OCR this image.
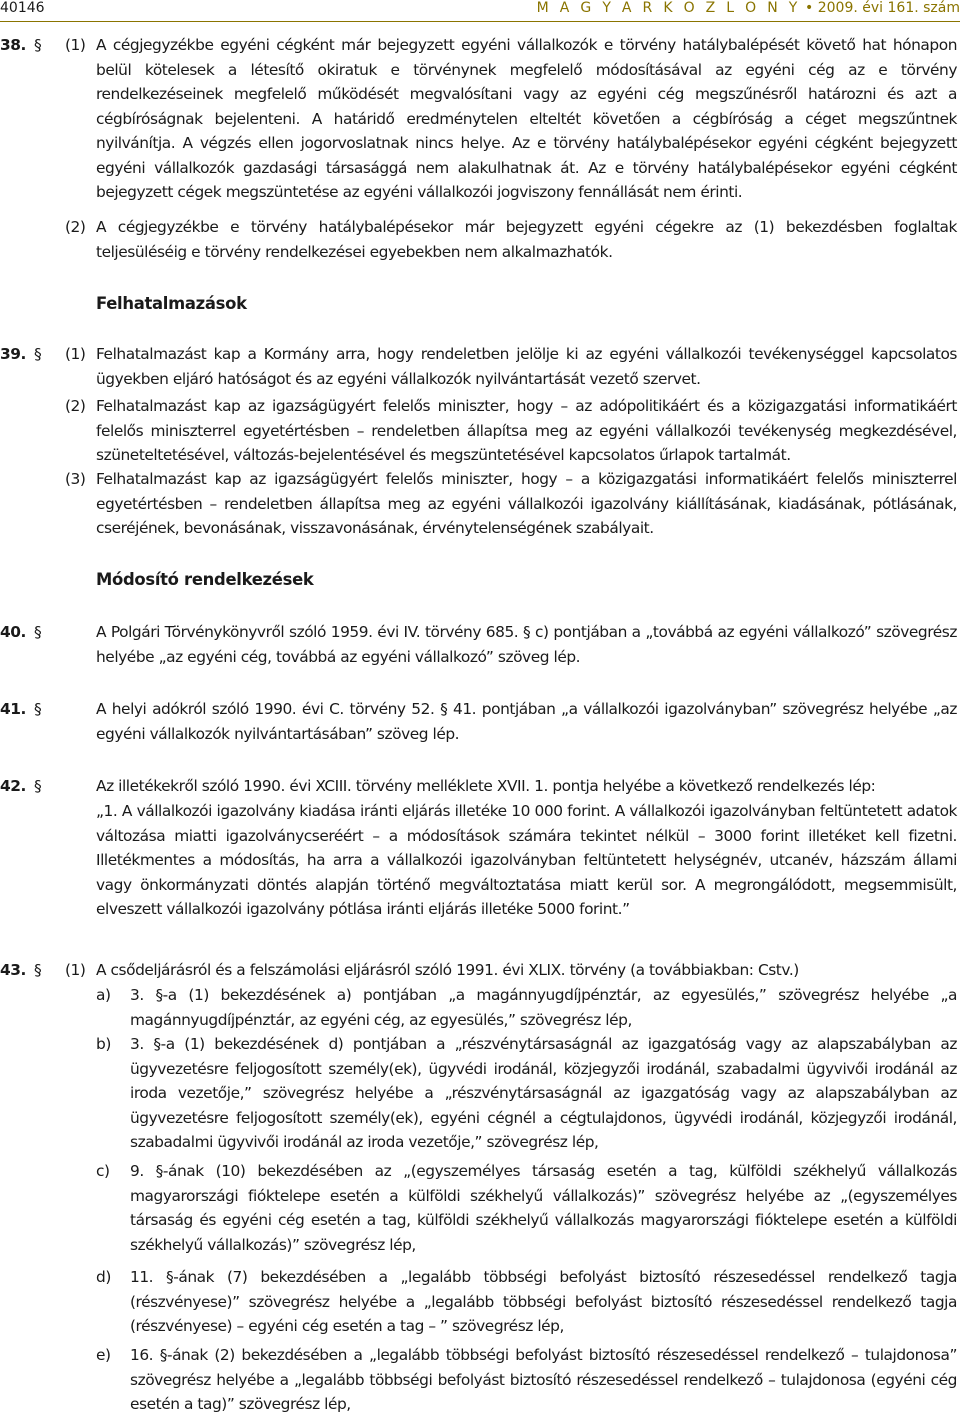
40146	M A G Y A R K Ö Z L Ö N Y • 2009. évi 161. szám
38. § (1) A cégjegyzékbe egyéni cégként már bejegyzett egyéni vállalkozók e törvény hatálybalépését követő hat hónapon belül kötelesek a létesítő okiratuk e törvénynek megfelelő módosításával az egyéni cég az e törvény rendelkezéseinek megfelelő működését megvalósítani vagy az egyéni cég megszűnésről határozni és azt a cégbíróságnak bejelenteni. A határidő eredménytelen elteltét követően a cégbíróság a céget megszűntnek nyilvánítja. A végzés ellen jogorvoslatnak nincs helye. Az e törvény hatálybalépésekor egyéni cégként bejegyzett egyéni vállalkozók gazdasági társasággá nem alakulhatnak át. Az e törvény hatálybalépésekor egyéni cégként bejegyzett cégek megszüntetése az egyéni vállalkozói jogviszony fennállását nem érinti.
(2) A cégjegyzékbe e törvény hatálybalépésekor már bejegyzett egyéni cégekre az (1) bekezdésben foglaltak teljesüléséig e törvény rendelkezései egyebekben nem alkalmazhatók.
Felhatalmazások
39. § (1) Felhatalmazást kap a Kormány arra, hogy rendeletben jelölje ki az egyéni vállalkozói tevékenységgel kapcsolatos ügyekben eljáró hatóságot és az egyéni vállalkozók nyilvántartását vezető szervet.
(2) Felhatalmazást kap az igazságügyért felelős miniszter, hogy – az adópolitikáért és a közigazgatási informatikáért felelős miniszterrel egyetértésben – rendeletben állapítsa meg az egyéni vállalkozói tevékenység megkezdésével, szüneteltetésével, változás-bejelentésével és megszüntetésével kapcsolatos űrlapok tartalmát.
(3) Felhatalmazást kap az igazságügyért felelős miniszter, hogy – a közigazgatási informatikáért felelős miniszterrel egyetértésben – rendeletben állapítsa meg az egyéni vállalkozói igazolvány kiállításának, kiadásának, pótlásának, cseréjének, bevonásának, visszavonásának, érvénytelenségének szabályait.
Módosító rendelkezések
40. §	A Polgári Törvénykönyvről szóló 1959. évi IV. törvény 685. § c) pontjában a „továbbá az egyéni vállalkozó” szövegrész helyébe „az egyéni cég, továbbá az egyéni vállalkozó” szöveg lép.
41. §	A helyi adókról szóló 1990. évi C. törvény 52. § 41. pontjában „a vállalkozói igazolványban” szövegrész helyébe „az egyéni vállalkozók nyilvántartásában” szöveg lép.
42. §	Az illetékekről szóló 1990. évi XCIII. törvény melléklete XVII. 1. pontja helyébe a következő rendelkezés lép:
„1. A vállalkozói igazolvány kiadása iránti eljárás illetéke 10 000 forint. A vállalkozói igazolványban feltüntetett adatok változása miatti igazolványcseréért – a módosítások számára tekintet nélkül – 3000 forint illetéket kell fizetni. Illetékmentes a módosítás, ha arra a vállalkozói igazolványban feltüntetett helységnév, utcanév, házszám állami vagy önkormányzati döntés alapján történő megváltoztatása miatt kerül sor. A megrongálódott, megsemmisült, elveszett vállalkozói igazolvány pótlása iránti eljárás illetéke 5000 forint.”
43. § (1) A csődeljárásról és a felszámolási eljárásról szóló 1991. évi XLIX. törvény (a továbbiakban: Cstv.)
a) 3. §-a (1) bekezdésének a) pontjában „a magánnyugdíjpénztár, az egyesülés,” szövegrész helyébe „a magánnyugdíjpénztár, az egyéni cég, az egyesülés,” szövegrész lép,
b) 3. §-a (1) bekezdésének d) pontjában a „részvénytársaságnál az igazgatóság vagy az alapszabályban az ügyvezetésre feljogosított személy(ek), ügyvédi irodánál, közjegyzői irodánál, szabadalmi ügyvivői irodánál az iroda vezetője,” szövegrész helyébe a „részvénytársaságnál az igazgatóság vagy az alapszabályban az ügyvezetésre feljogosított személy(ek), egyéni cégnél a cégtulajdonos, ügyvédi irodánál, közjegyzői irodánál, szabadalmi ügyvivői irodánál az iroda vezetője,” szövegrész lép,
c) 9. §-ának (10) bekezdésében az „(egyszemélyes társaság esetén a tag, külföldi székhelyű vállalkozás magyarországi fióktelepe esetén a külföldi székhelyű vállalkozás)” szövegrész helyébe az „(egyszemélyes társaság és egyéni cég esetén a tag, külföldi székhelyű vállalkozás magyarországi fióktelepe esetén a külföldi székhelyű vállalkozás)” szövegrész lép,
d) 11. §-ának (7) bekezdésében a „legalább többségi befolyást biztosító részesedéssel rendelkező tagja (részvényese)” szövegrész helyébe a „legalább többségi befolyást biztosító részesedéssel rendelkező tagja (részvényese) – egyéni cég esetén a tag – ” szövegrész lép,
e) 16. §-ának (2) bekezdésében a „legalább többségi befolyást biztosító részesedéssel rendelkező – tulajdonosa” szövegrész helyébe a „legalább többségi befolyást biztosító részesedéssel rendelkező – tulajdonosa (egyéni cég esetén a tag)” szövegrész lép,
